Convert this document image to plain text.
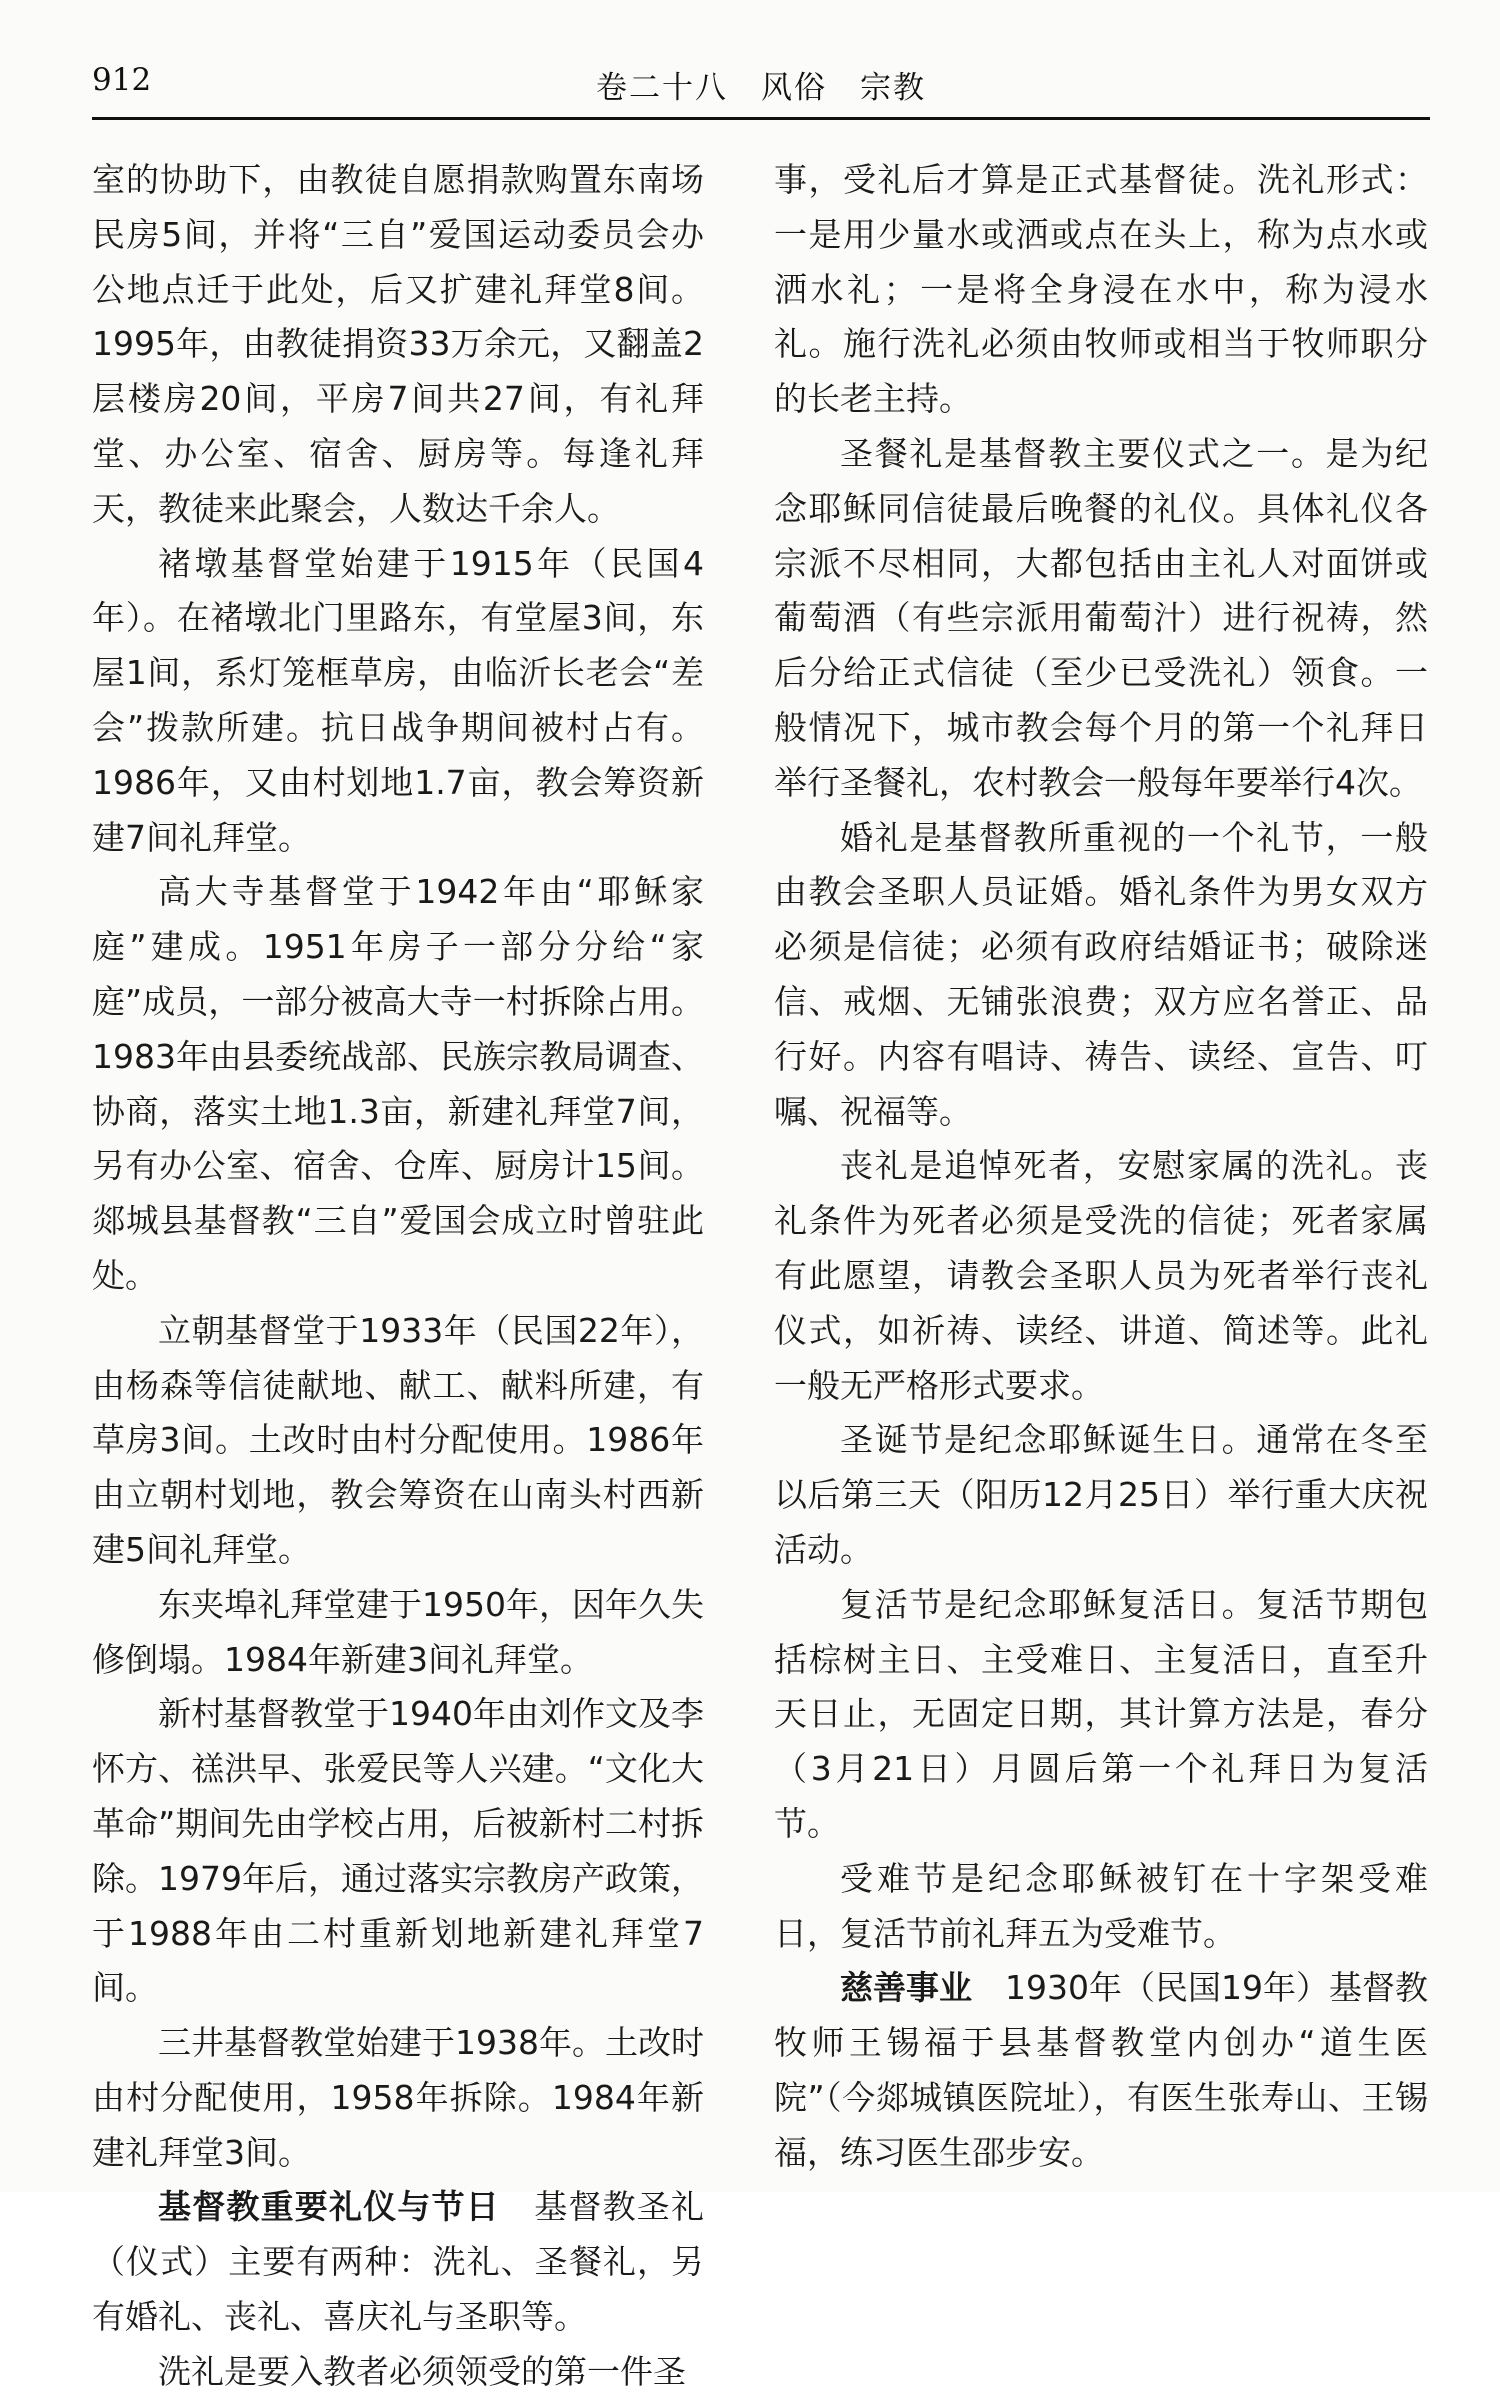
912	卷二十八　风俗　宗教

室的协助下，由教徒自愿捐款购置东南场民房5间，并将“三自”爱国运动委员会办公地点迁于此处，后又扩建礼拜堂8间。1995年，由教徒捐资33万余元，又翻盖2层楼房20间，平房7间共27间，有礼拜堂、办公室、宿舍、厨房等。每逢礼拜天，教徒来此聚会，人数达千余人。

褚墩基督堂始建于1915年（民国4年）。在褚墩北门里路东，有堂屋3间，东屋1间，系灯笼框草房，由临沂长老会“差会”拨款所建。抗日战争期间被村占有。1986年，又由村划地1.7亩，教会筹资新建7间礼拜堂。

高大寺基督堂于1942年由“耶稣家庭”建成。1951年房子一部分分给“家庭”成员，一部分被高大寺一村拆除占用。1983年由县委统战部、民族宗教局调查、协商，落实土地1.3亩，新建礼拜堂7间，另有办公室、宿舍、仓库、厨房计15间。郯城县基督教“三自”爱国会成立时曾驻此处。

立朝基督堂于1933年（民国22年），由杨森等信徒献地、献工、献料所建，有草房3间。土改时由村分配使用。1986年由立朝村划地，教会筹资在山南头村西新建5间礼拜堂。

东夹埠礼拜堂建于1950年，因年久失修倒塌。1984年新建3间礼拜堂。

新村基督教堂于1940年由刘作文及李怀方、禚洪早、张爱民等人兴建。“文化大革命”期间先由学校占用，后被新村二村拆除。1979年后，通过落实宗教房产政策，于1988年由二村重新划地新建礼拜堂7间。

三井基督教堂始建于1938年。土改时由村分配使用，1958年拆除。1984年新建礼拜堂3间。

基督教重要礼仪与节日　基督教圣礼（仪式）主要有两种：洗礼、圣餐礼，另有婚礼、丧礼、喜庆礼与圣职等。

洗礼是要入教者必须领受的第一件圣

事，受礼后才算是正式基督徒。洗礼形式：一是用少量水或洒或点在头上，称为点水或洒水礼；一是将全身浸在水中，称为浸水礼。施行洗礼必须由牧师或相当于牧师职分的长老主持。

圣餐礼是基督教主要仪式之一。是为纪念耶稣同信徒最后晚餐的礼仪。具体礼仪各宗派不尽相同，大都包括由主礼人对面饼或葡萄酒（有些宗派用葡萄汁）进行祝祷，然后分给正式信徒（至少已受洗礼）领食。一般情况下，城市教会每个月的第一个礼拜日举行圣餐礼，农村教会一般每年要举行4次。

婚礼是基督教所重视的一个礼节，一般由教会圣职人员证婚。婚礼条件为男女双方必须是信徒；必须有政府结婚证书；破除迷信、戒烟、无铺张浪费；双方应名誉正、品行好。内容有唱诗、祷告、读经、宣告、叮嘱、祝福等。

丧礼是追悼死者，安慰家属的洗礼。丧礼条件为死者必须是受洗的信徒；死者家属有此愿望，请教会圣职人员为死者举行丧礼仪式，如祈祷、读经、讲道、简述等。此礼一般无严格形式要求。

圣诞节是纪念耶稣诞生日。通常在冬至以后第三天（阳历12月25日）举行重大庆祝活动。

复活节是纪念耶稣复活日。复活节期包括棕树主日、主受难日、主复活日，直至升天日止，无固定日期，其计算方法是，春分（3月21日）月圆后第一个礼拜日为复活节。

受难节是纪念耶稣被钉在十字架受难日，复活节前礼拜五为受难节。

慈善事业　1930年（民国19年）基督教牧师王锡福于县基督教堂内创办“道生医院”（今郯城镇医院址），有医生张寿山、王锡福，练习医生邵步安。
